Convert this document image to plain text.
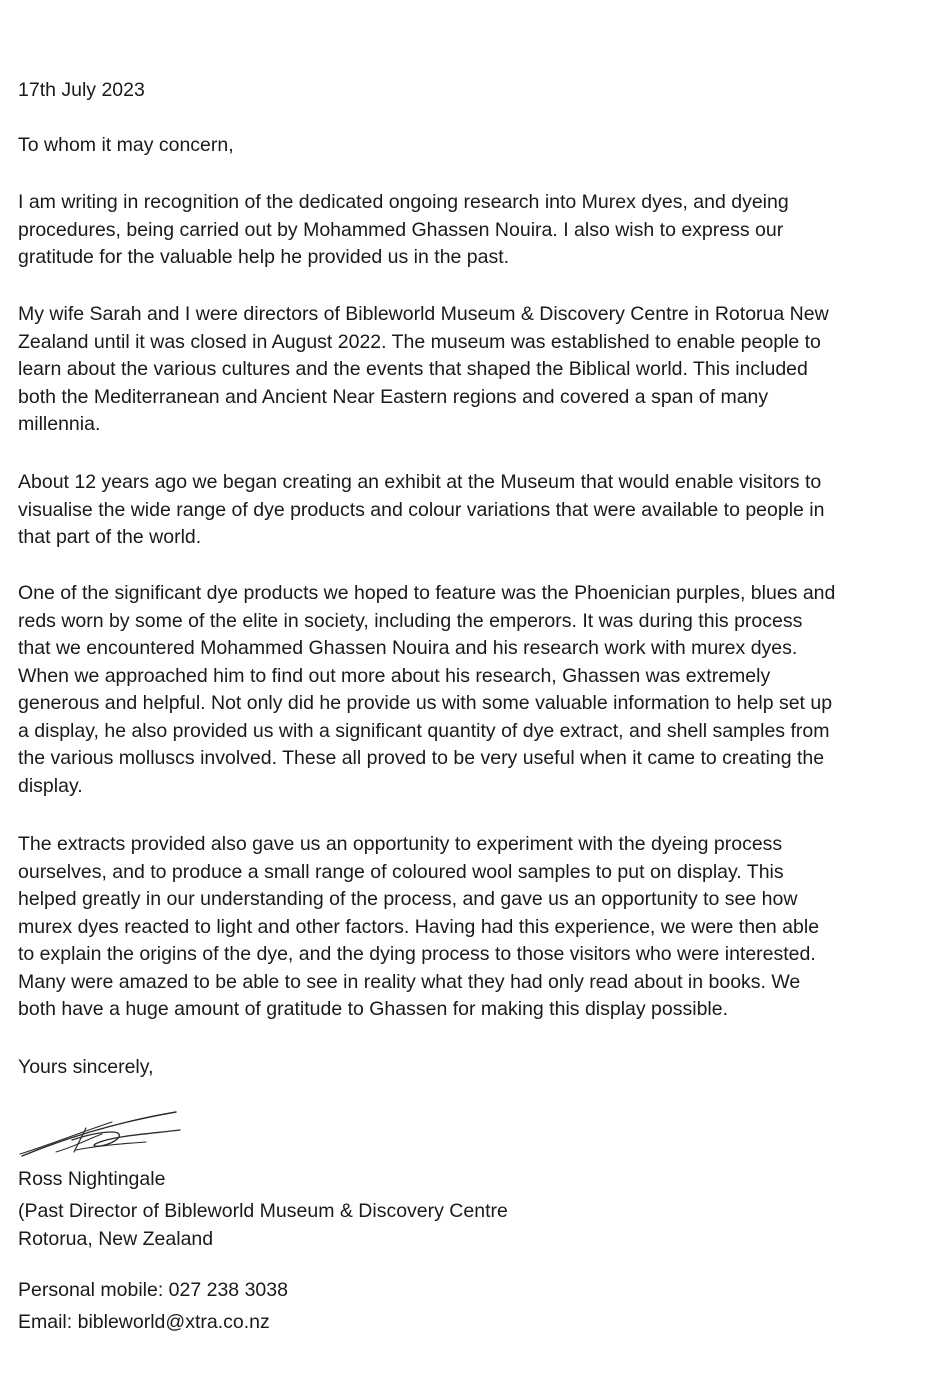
17th July 2023
To whom it may concern,
I am writing in recognition of the dedicated ongoing research into Murex dyes, and dyeing
procedures, being carried out by Mohammed Ghassen Nouira. I also wish to express our
gratitude for the valuable help he provided us in the past.
My wife Sarah and I were directors of Bibleworld Museum & Discovery Centre in Rotorua New
Zealand until it was closed in August 2022. The museum was established to enable people to
learn about the various cultures and the events that shaped the Biblical world. This included
both the Mediterranean and Ancient Near Eastern regions and covered a span of many
millennia.
About 12 years ago we began creating an exhibit at the Museum that would enable visitors to
visualise the wide range of dye products and colour variations that were available to people in
that part of the world.
One of the significant dye products we hoped to feature was the Phoenician purples, blues and
reds worn by some of the elite in society, including the emperors. It was during this process
that we encountered Mohammed Ghassen Nouira and his research work with murex dyes.
When we approached him to find out more about his research, Ghassen was extremely
generous and helpful. Not only did he provide us with some valuable information to help set up
a display, he also provided us with a significant quantity of dye extract, and shell samples from
the various molluscs involved. These all proved to be very useful when it came to creating the
display.
The extracts provided also gave us an opportunity to experiment with the dyeing process
ourselves, and to produce a small range of coloured wool samples to put on display. This
helped greatly in our understanding of the process, and gave us an opportunity to see how
murex dyes reacted to light and other factors. Having had this experience, we were then able
to explain the origins of the dye, and the dying process to those visitors who were interested.
Many were amazed to be able to see in reality what they had only read about in books. We
both have a huge amount of gratitude to Ghassen for making this display possible.
Yours sincerely,
Ross Nightingale
(Past Director of Bibleworld Museum & Discovery Centre
Rotorua, New Zealand
Personal mobile: 027 238 3038
Email: bibleworld@xtra.co.nz
